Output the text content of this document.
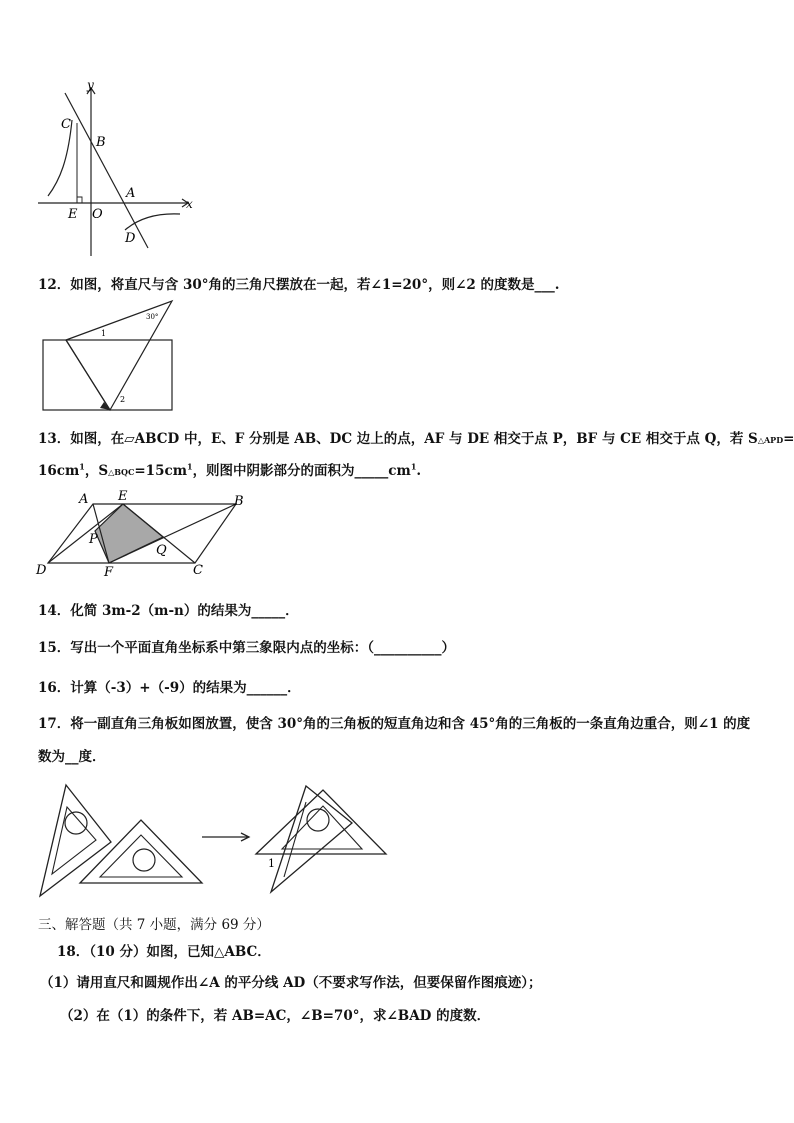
y
x
C
B
A
E O
D
12．如图，将直尺与含 30°角的三角尺摆放在一起，若∠1=20°，则∠2 的度数是___.
30°
1
2
13．如图，在▱ABCD 中，E、F 分别是 AB、DC 边上的点，AF 与 DE 相交于点 P，BF 与 CE 相交于点 Q，若 S△APD=
$16cm^1$，$S\triangle BQC=15cm^1$，则图中阴影部分的面积为$\_\_\_\_\_cm^1$.
A E	B
P
Q
D	F	C
14．化简 3m-2（m-n）的结果为_____．
15．写出一个平面直角坐标系中第三象限内点的坐标：（__________）
16．计算（-3）+（-9）的结果为______．
17．将一副直角三角板如图放置，使含 30°角的三角板的短直角边和含 45°角的三角板的一条直角边重合，则∠1 的度
数为__度．
1
三、解答题（共 7 小题，满分 69 分）
18．（10 分）如图，已知△ABC．
（1）请用直尺和圆规作出∠A 的平分线 AD（不要求写作法，但要保留作图痕迹）；
（2）在（1）的条件下，若 AB=AC，∠B=70°，求∠BAD 的度数．
